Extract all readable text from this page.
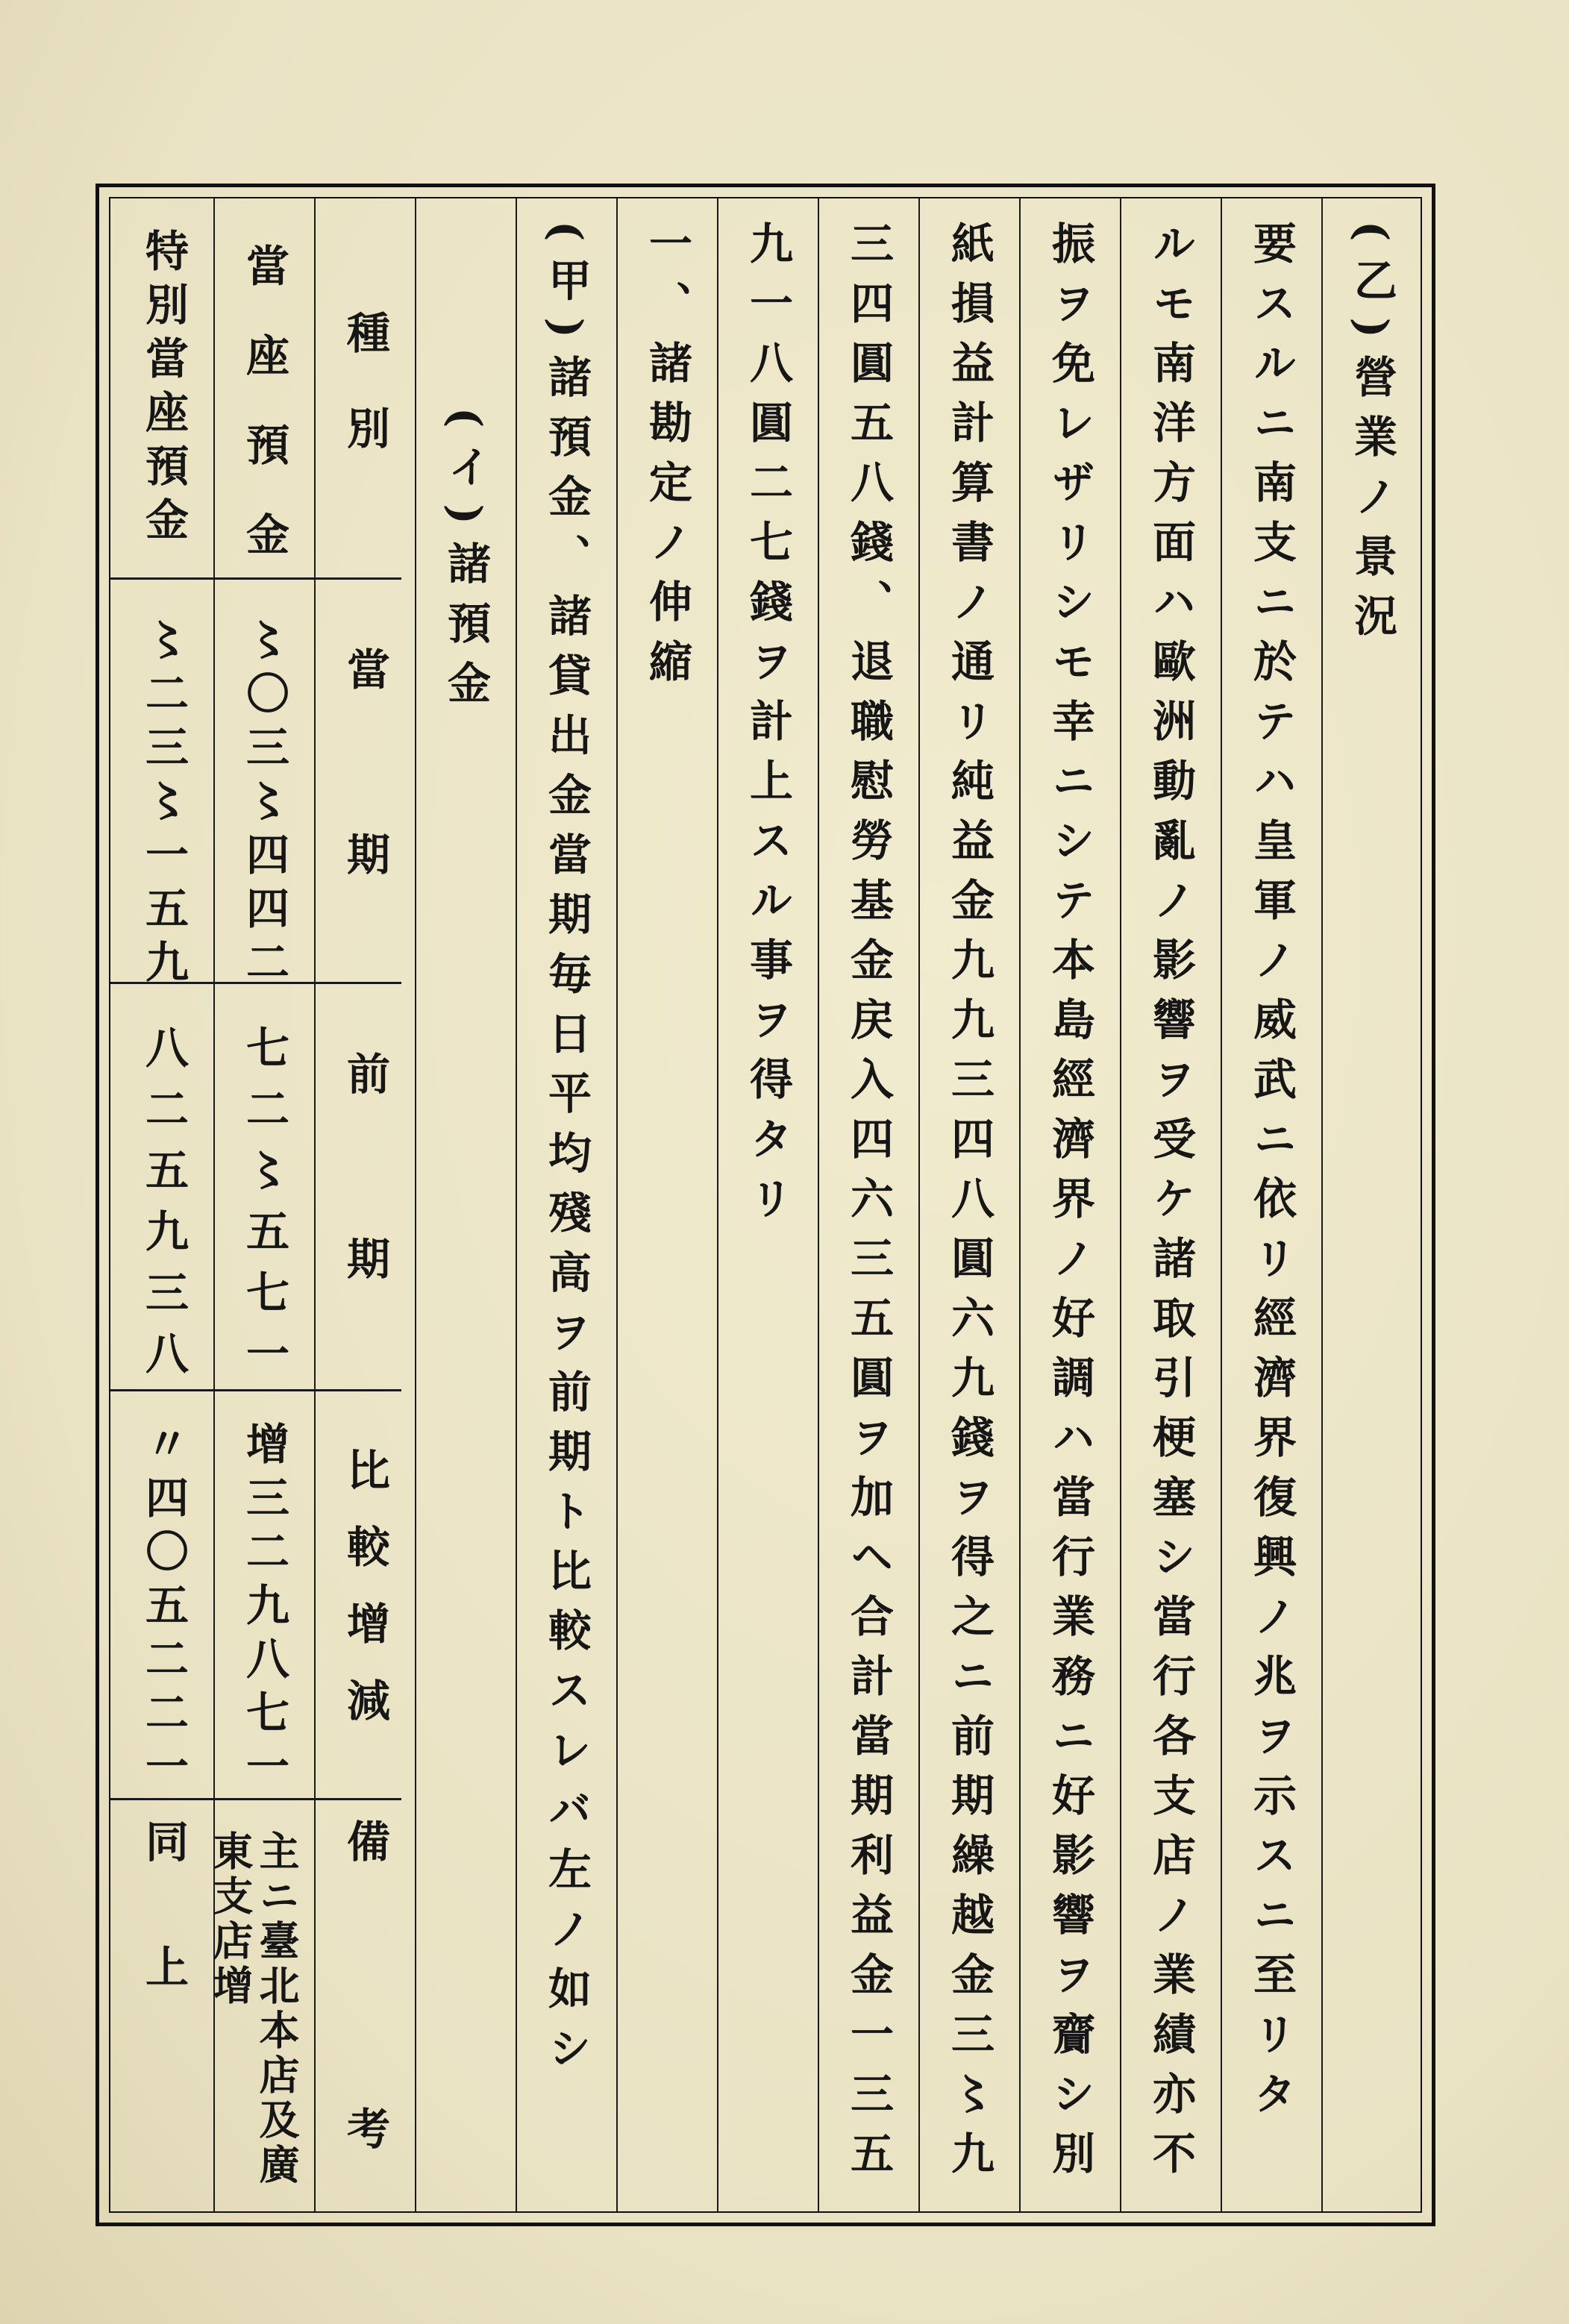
(乙)營業ノ景況
要スルニ南支ニ於テハ皇軍ノ威武ニ依リ經濟界復興ノ兆ヲ示スニ至リタ
ルモ南洋方面ハ歐洲動亂ノ影響ヲ受ケ諸取引梗塞シ當行各支店ノ業績亦不
振ヲ免レザリシモ幸ニシテ本島經濟界ノ好調ハ當行業務ニ好影響ヲ齎シ別
紙損益計算書ノ通リ純益金九九三四八圓六九錢ヲ得之ニ前期繰越金三〻九
三四圓五八錢、退職慰勞基金戻入四六三五圓ヲ加ヘ合計當期利益金一三五
九一八圓二七錢ヲ計上スル事ヲ得タリ
一、諸勘定ノ伸縮
(甲)諸預金、諸貸出金當期毎日平均殘高ヲ前期ト比較スレバ左ノ如シ
(イ)諸預金
種別
當期
前期
比較增減
備
考
當座預金
〻〇三〻四四二
七二〻五七一
增三二九八七一
特別當座預金
〻二三〻一五九
八二五九三八
〃四〇五二二一
主ニ臺北本店及廣東支店增
同上
